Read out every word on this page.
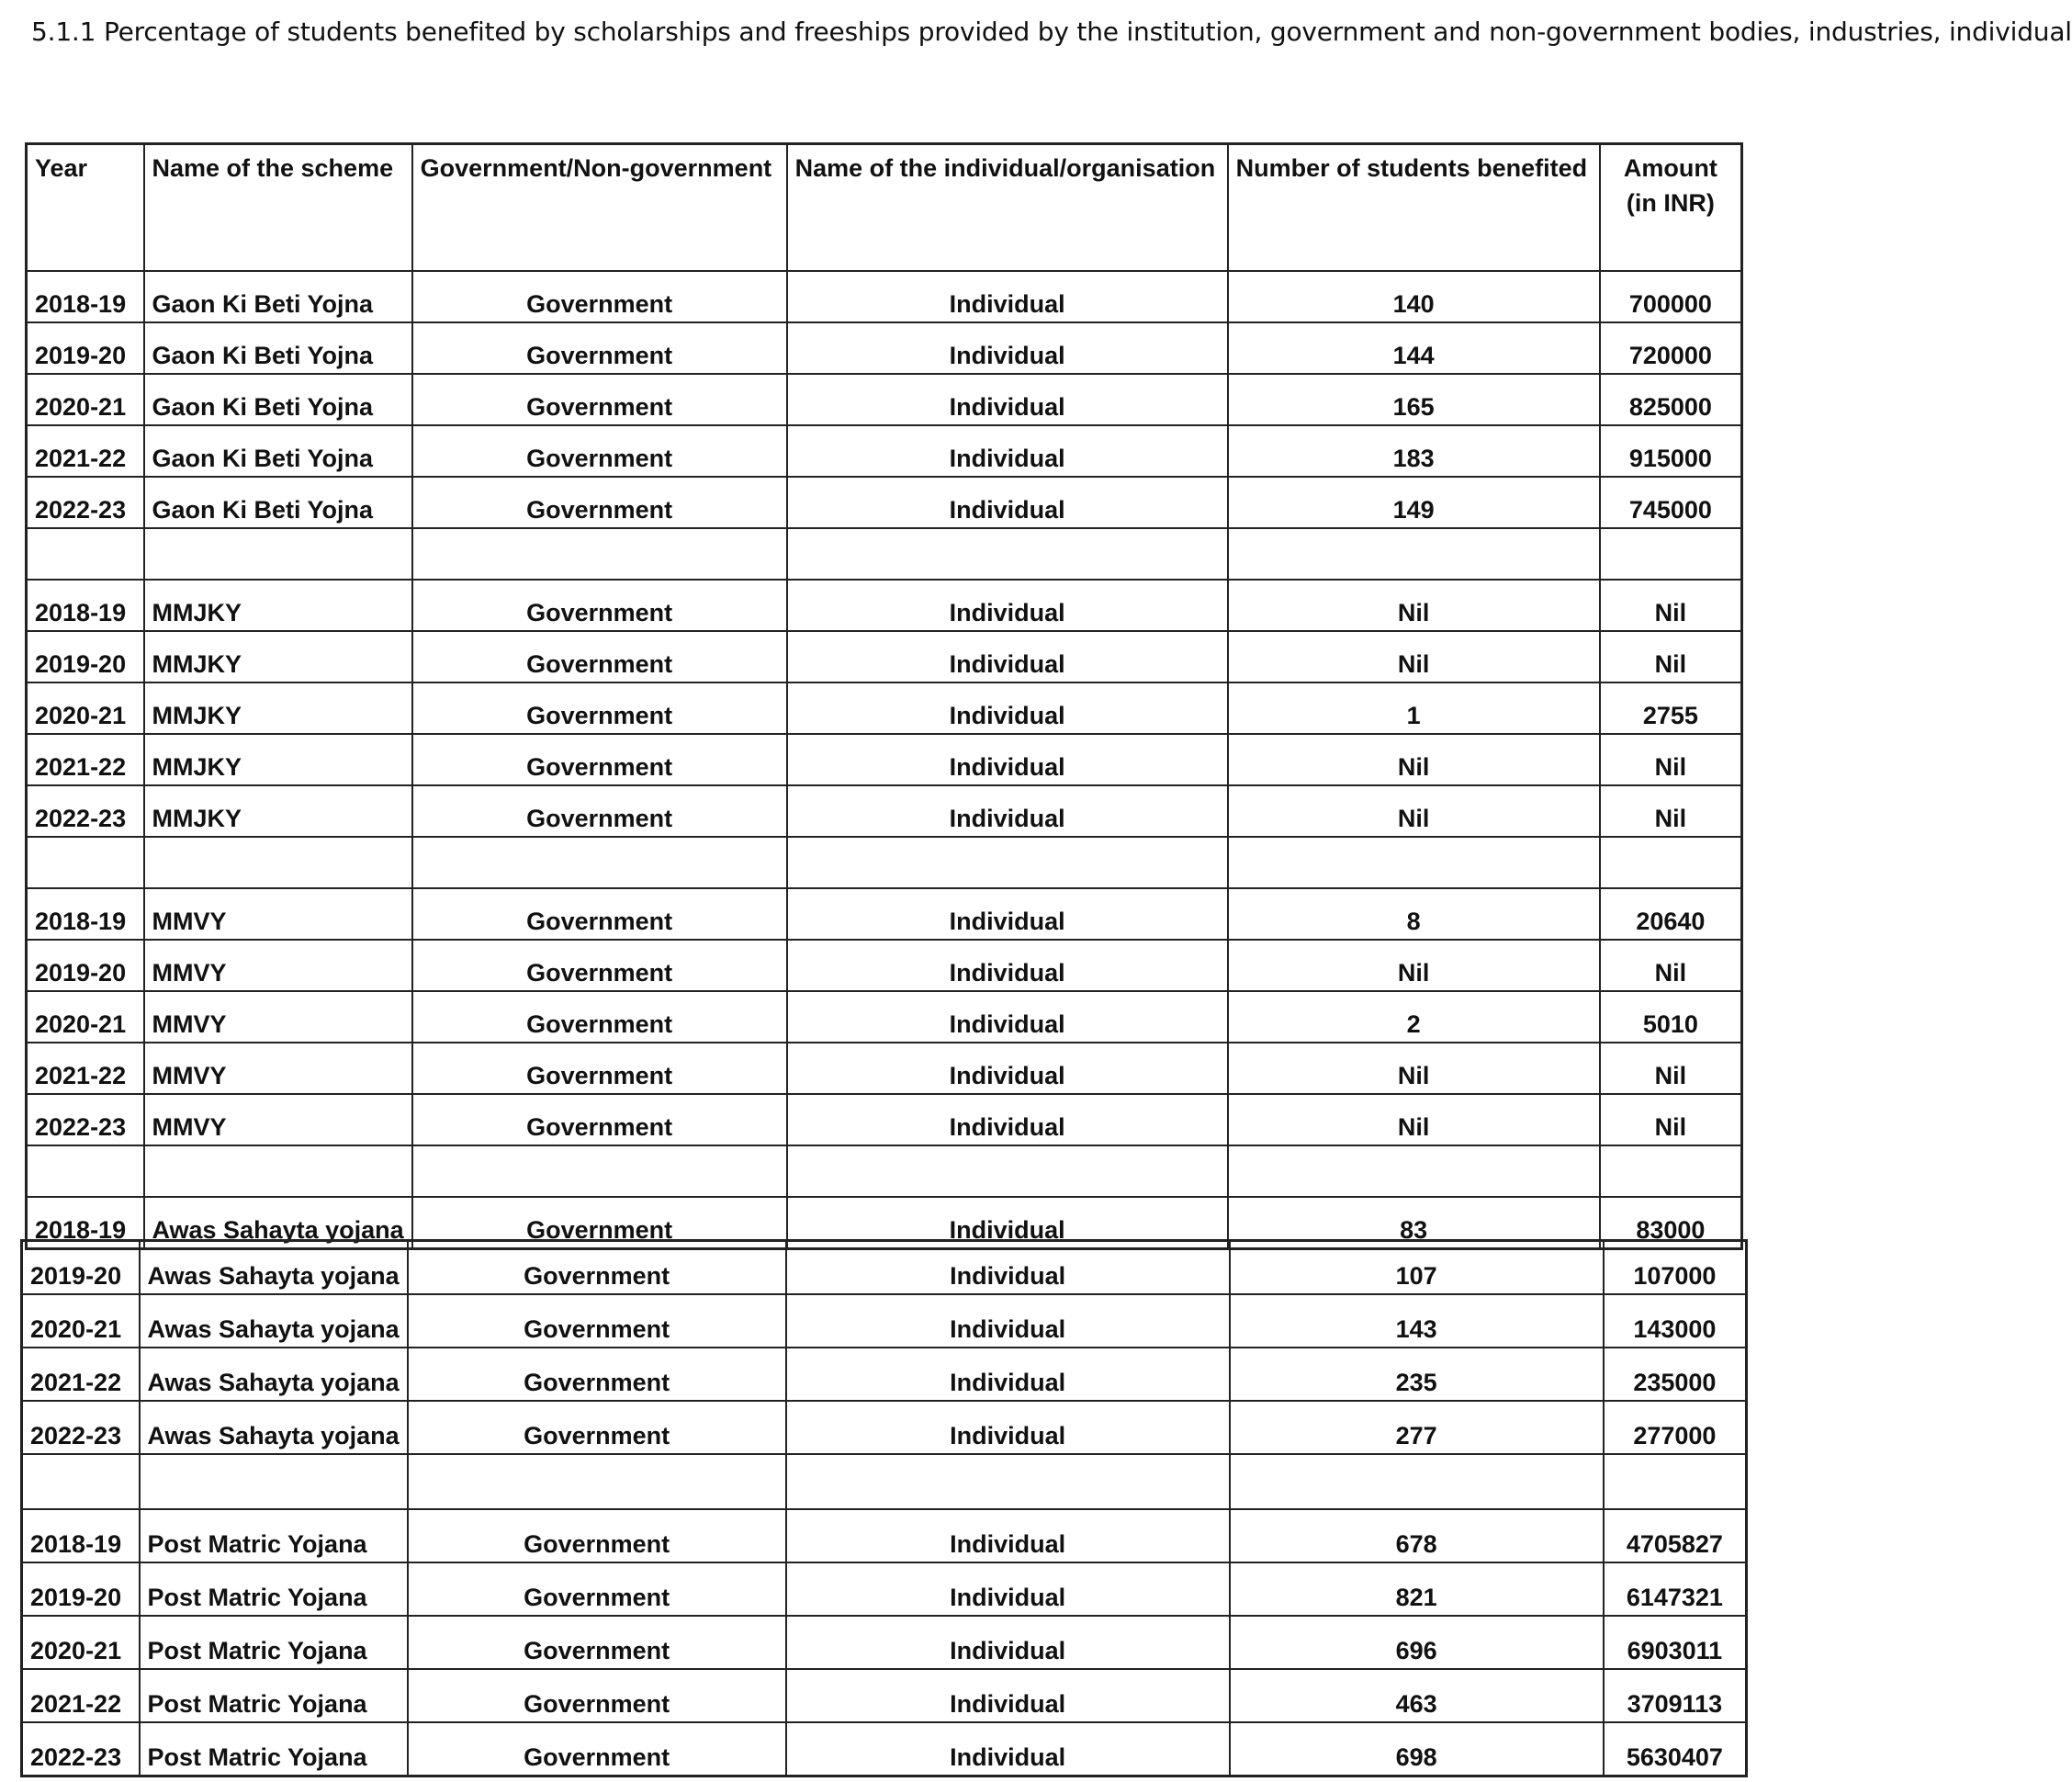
5.1.1 Percentage of students benefited by scholarships and freeships provided by the institution, government and non-government bodies, industries, individual
Year	Name of the scheme	Government/Non-government	Name of the individual/organisation	Number of students benefited	Amount (in INR)
2018-19	Gaon Ki Beti Yojna	Government	Individual	140	700000
2019-20	Gaon Ki Beti Yojna	Government	Individual	144	720000
2020-21	Gaon Ki Beti Yojna	Government	Individual	165	825000
2021-22	Gaon Ki Beti Yojna	Government	Individual	183	915000
2022-23	Gaon Ki Beti Yojna	Government	Individual	149	745000

2018-19	MMJKY	Government	Individual	Nil	Nil
2019-20	MMJKY	Government	Individual	Nil	Nil
2020-21	MMJKY	Government	Individual	1	2755
2021-22	MMJKY	Government	Individual	Nil	Nil
2022-23	MMJKY	Government	Individual	Nil	Nil

2018-19	MMVY	Government	Individual	8	20640
2019-20	MMVY	Government	Individual	Nil	Nil
2020-21	MMVY	Government	Individual	2	5010
2021-22	MMVY	Government	Individual	Nil	Nil
2022-23	MMVY	Government	Individual	Nil	Nil

2018-19	Awas Sahayta yojana	Government	Individual	83	83000
2019-20	Awas Sahayta yojana	Government	Individual	107	107000
2020-21	Awas Sahayta yojana	Government	Individual	143	143000
2021-22	Awas Sahayta yojana	Government	Individual	235	235000
2022-23	Awas Sahayta yojana	Government	Individual	277	277000

2018-19	Post Matric Yojana	Government	Individual	678	4705827
2019-20	Post Matric Yojana	Government	Individual	821	6147321
2020-21	Post Matric Yojana	Government	Individual	696	6903011
2021-22	Post Matric Yojana	Government	Individual	463	3709113
2022-23	Post Matric Yojana	Government	Individual	698	5630407
